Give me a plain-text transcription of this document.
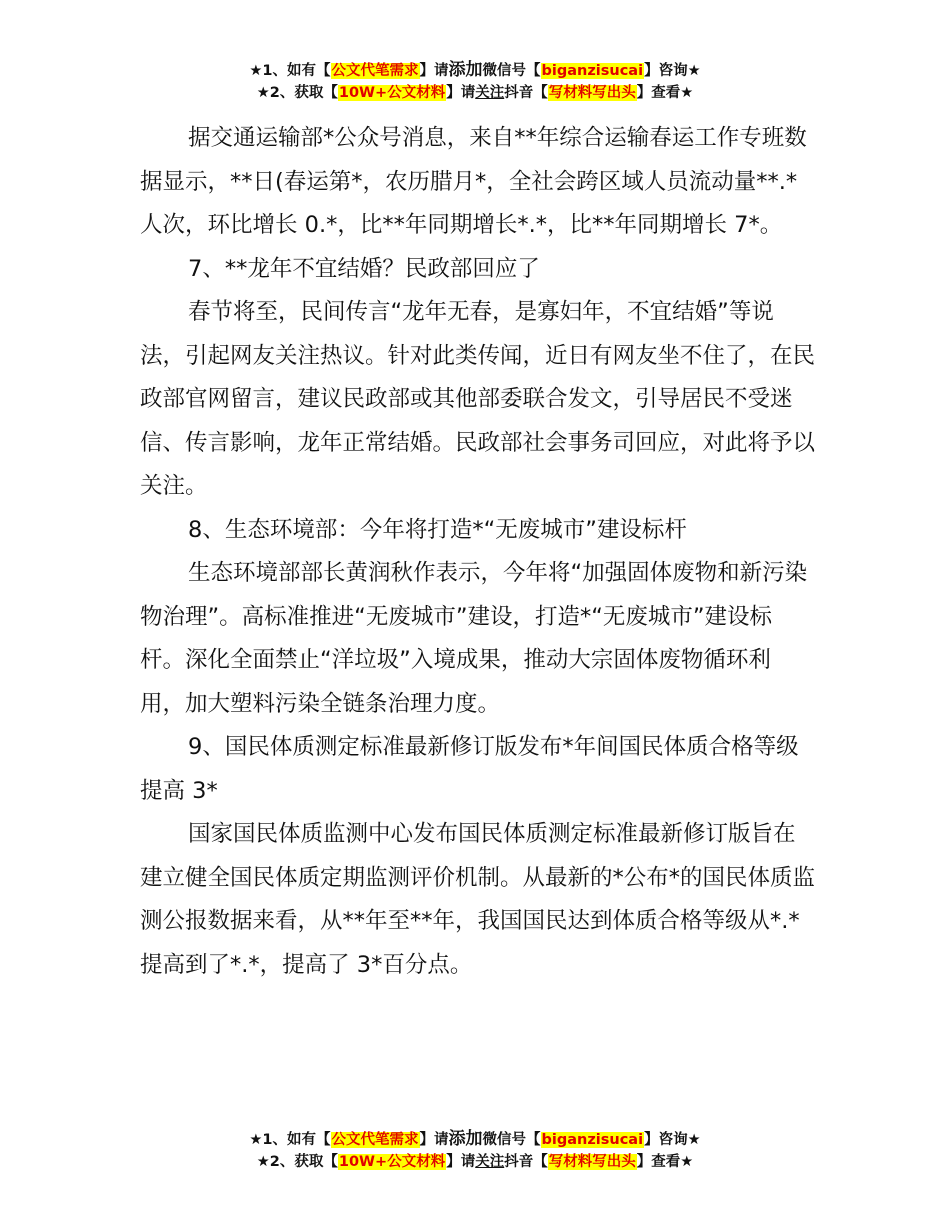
★1、如有【公文代笔需求】请添加微信号【biganzisucai】咨询★
★2、获取【10W+公文材料】请关注抖音【写材料写出头】查看★

据交通运输部*公众号消息，来自**年综合运输春运工作专班数据显示，**日(春运第*，农历腊月*，全社会跨区域人员流动量**.*人次，环比增长 0.*，比**年同期增长*.*，比**年同期增长 7*。

7、**龙年不宜结婚？民政部回应了

春节将至，民间传言“龙年无春，是寡妇年，不宜结婚”等说法，引起网友关注热议。针对此类传闻，近日有网友坐不住了，在民政部官网留言，建议民政部或其他部委联合发文，引导居民不受迷信、传言影响，龙年正常结婚。民政部社会事务司回应，对此将予以关注。

8、生态环境部：今年将打造*“无废城市”建设标杆

生态环境部部长黄润秋作表示，今年将“加强固体废物和新污染物治理”。高标准推进“无废城市”建设，打造*“无废城市”建设标杆。深化全面禁止“洋垃圾”入境成果，推动大宗固体废物循环利用，加大塑料污染全链条治理力度。

9、国民体质测定标准最新修订版发布*年间国民体质合格等级提高 3*

国家国民体质监测中心发布国民体质测定标准最新修订版旨在建立健全国民体质定期监测评价机制。从最新的*公布*的国民体质监测公报数据来看，从**年至**年，我国国民达到体质合格等级从*.*提高到了*.*，提高了 3*百分点。

★1、如有【公文代笔需求】请添加微信号【biganzisucai】咨询★
★2、获取【10W+公文材料】请关注抖音【写材料写出头】查看★
